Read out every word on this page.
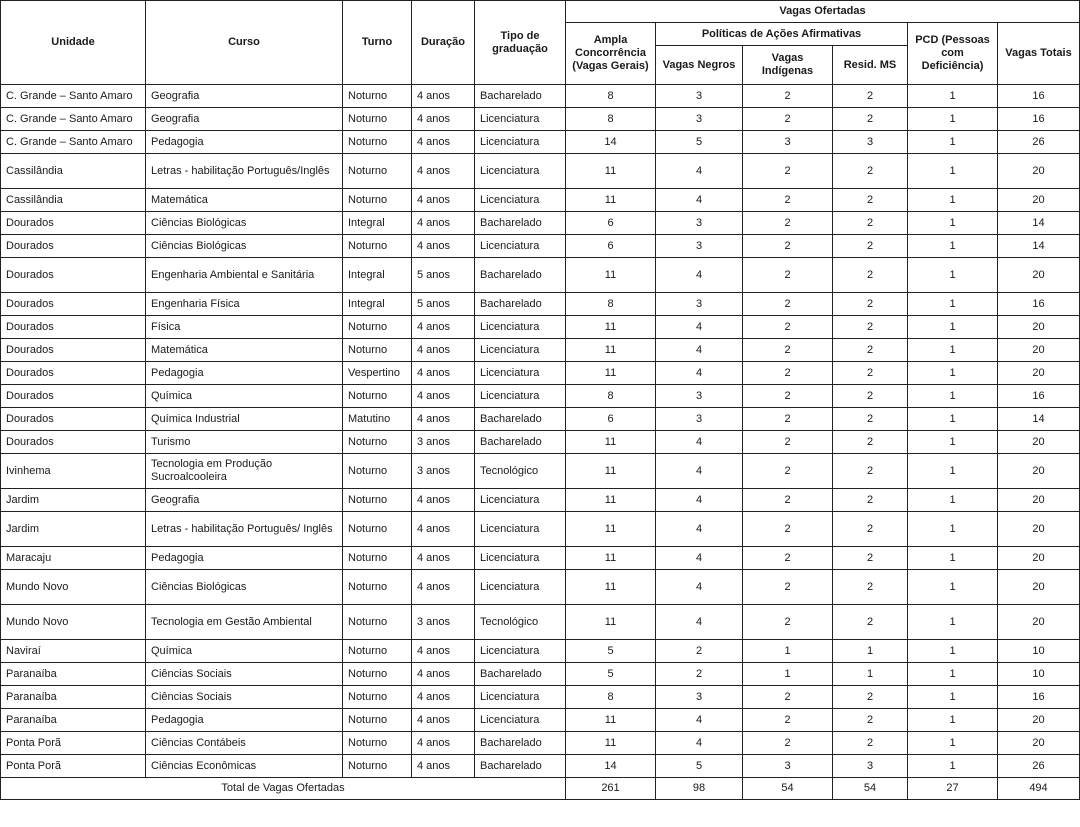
Unidade	Curso	Turno	Duração	Tipo de graduação	Vagas Ofertadas					
					Ampla Concorrência (Vagas Gerais)	Políticas de Ações Afirmativas			PCD (Pessoas com Deficiência)	Vagas Totais
						Vagas Negros	Vagas Indígenas	Resid. MS		
C. Grande – Santo Amaro	Geografia	Noturno	4 anos	Bacharelado	8	3	2	2	1	16
C. Grande – Santo Amaro	Geografia	Noturno	4 anos	Licenciatura	8	3	2	2	1	16
C. Grande – Santo Amaro	Pedagogia	Noturno	4 anos	Licenciatura	14	5	3	3	1	26
Cassilândia	Letras - habilitação Português/Inglês	Noturno	4 anos	Licenciatura	11	4	2	2	1	20
Cassilândia	Matemática	Noturno	4 anos	Licenciatura	11	4	2	2	1	20
Dourados	Ciências Biológicas	Integral	4 anos	Bacharelado	6	3	2	2	1	14
Dourados	Ciências Biológicas	Noturno	4 anos	Licenciatura	6	3	2	2	1	14
Dourados	Engenharia Ambiental e Sanitária	Integral	5 anos	Bacharelado	11	4	2	2	1	20
Dourados	Engenharia Física	Integral	5 anos	Bacharelado	8	3	2	2	1	16
Dourados	Física	Noturno	4 anos	Licenciatura	11	4	2	2	1	20
Dourados	Matemática	Noturno	4 anos	Licenciatura	11	4	2	2	1	20
Dourados	Pedagogia	Vespertino	4 anos	Licenciatura	11	4	2	2	1	20
Dourados	Química	Noturno	4 anos	Licenciatura	8	3	2	2	1	16
Dourados	Química Industrial	Matutino	4 anos	Bacharelado	6	3	2	2	1	14
Dourados	Turismo	Noturno	3 anos	Bacharelado	11	4	2	2	1	20
Ivinhema	Tecnologia em Produção Sucroalcooleira	Noturno	3 anos	Tecnológico	11	4	2	2	1	20
Jardim	Geografia	Noturno	4 anos	Licenciatura	11	4	2	2	1	20
Jardim	Letras - habilitação Português/ Inglês	Noturno	4 anos	Licenciatura	11	4	2	2	1	20
Maracaju	Pedagogia	Noturno	4 anos	Licenciatura	11	4	2	2	1	20
Mundo Novo	Ciências Biológicas	Noturno	4 anos	Licenciatura	11	4	2	2	1	20
Mundo Novo	Tecnologia em Gestão Ambiental	Noturno	3 anos	Tecnológico	11	4	2	2	1	20
Naviraí	Química	Noturno	4 anos	Licenciatura	5	2	1	1	1	10
Paranaíba	Ciências Sociais	Noturno	4 anos	Bacharelado	5	2	1	1	1	10
Paranaíba	Ciências Sociais	Noturno	4 anos	Licenciatura	8	3	2	2	1	16
Paranaíba	Pedagogia	Noturno	4 anos	Licenciatura	11	4	2	2	1	20
Ponta Porã	Ciências Contábeis	Noturno	4 anos	Bacharelado	11	4	2	2	1	20
Ponta Porã	Ciências Econômicas	Noturno	4 anos	Bacharelado	14	5	3	3	1	26
Total de Vagas Ofertadas					261	98	54	54	27	494
